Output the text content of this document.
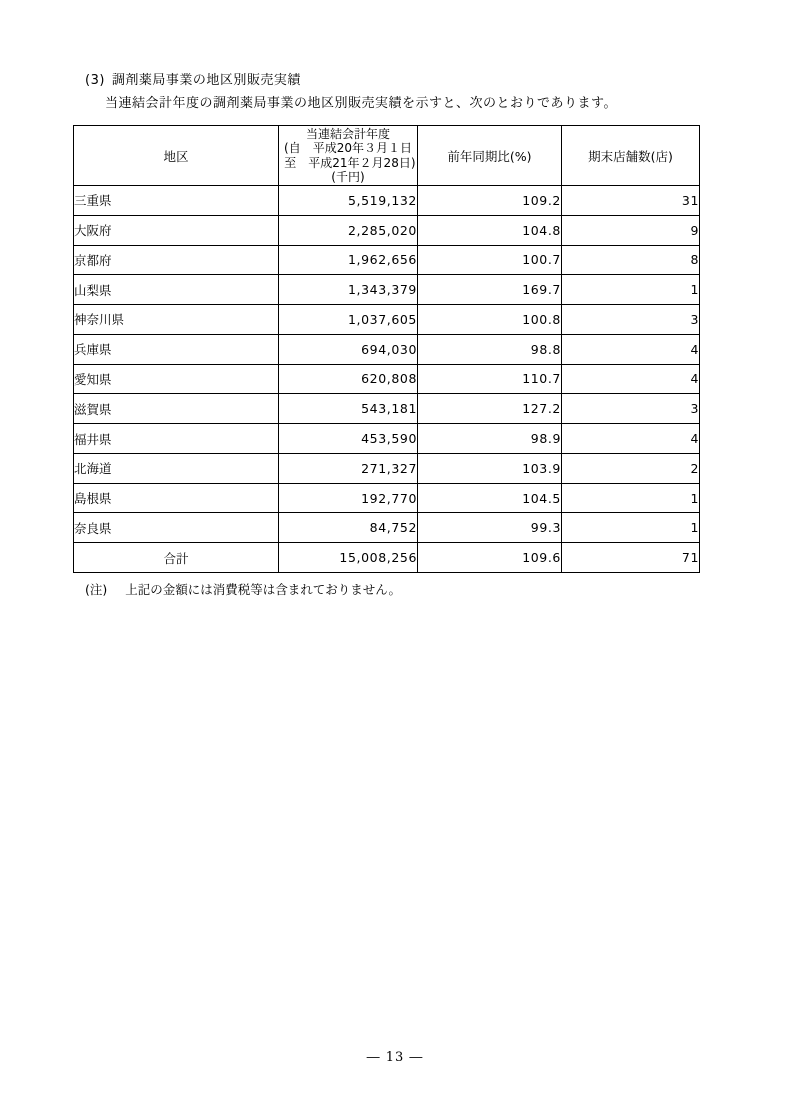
(3) 調剤薬局事業の地区別販売実績
当連結会計年度の調剤薬局事業の地区別販売実績を示すと、次のとおりであります。
地区	当連結会計年度
(自　平成20年３月１日
至　平成21年２月28日)
(千円)	前年同期比(%)	期末店舗数(店)
三重県	5,519,132	109.2	31
大阪府	2,285,020	104.8	9
京都府	1,962,656	100.7	8
山梨県	1,343,379	169.7	1
神奈川県	1,037,605	100.8	3
兵庫県	694,030	98.8	4
愛知県	620,808	110.7	4
滋賀県	543,181	127.2	3
福井県	453,590	98.9	4
北海道	271,327	103.9	2
島根県	192,770	104.5	1
奈良県	84,752	99.3	1
合計	15,008,256	109.6	71
(注) 上記の金額には消費税等は含まれておりません。
― 13 ―
